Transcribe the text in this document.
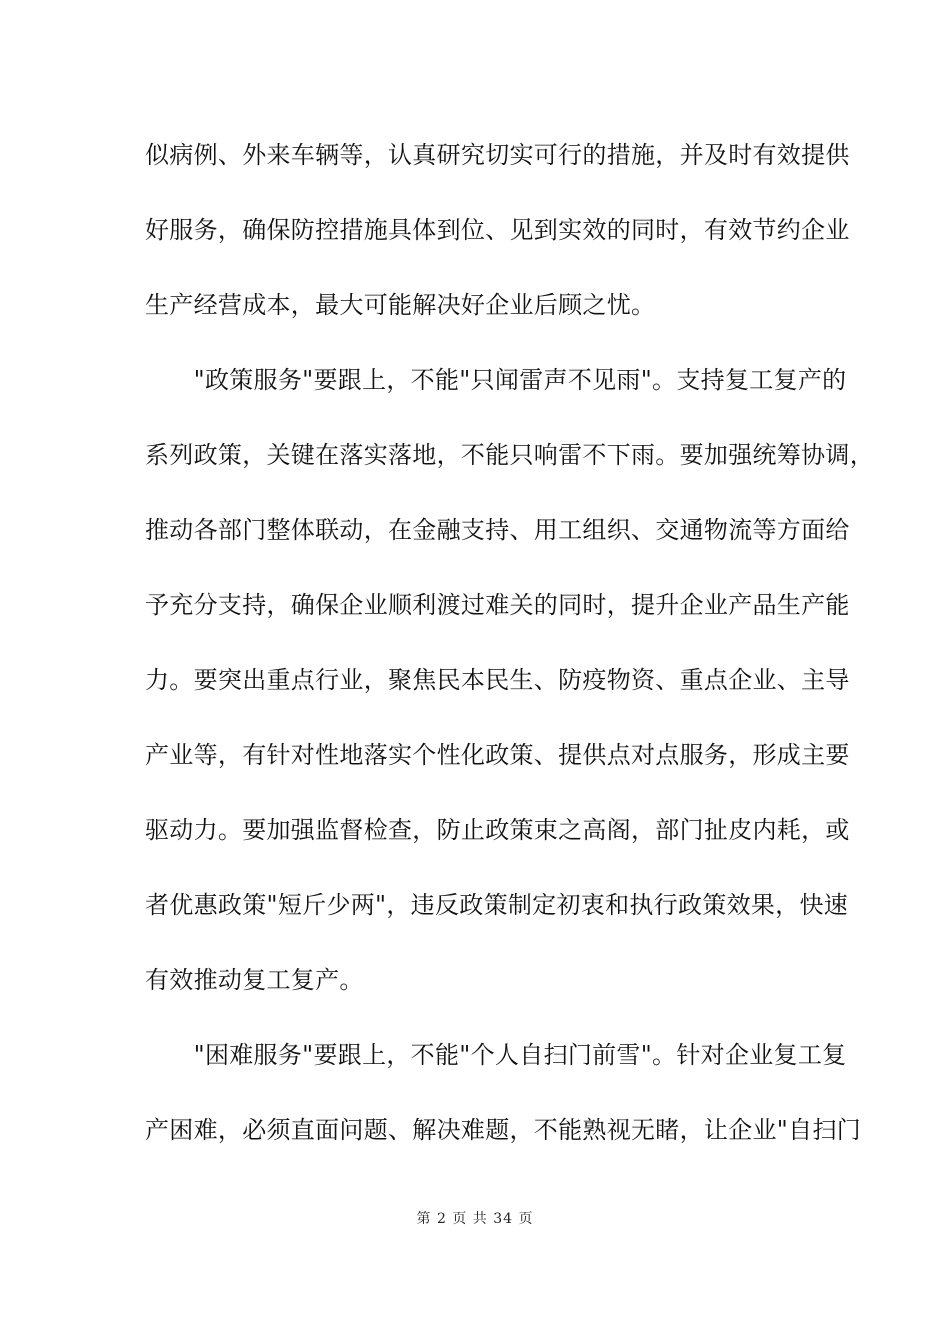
似病例、外来车辆等，认真研究切实可行的措施，并及时有效提供
好服务，确保防控措施具体到位、见到实效的同时，有效节约企业
生产经营成本，最大可能解决好企业后顾之忧。
　　"政策服务"要跟上，不能"只闻雷声不见雨"。支持复工复产的
系列政策，关键在落实落地，不能只响雷不下雨。要加强统筹协调，
推动各部门整体联动，在金融支持、用工组织、交通物流等方面给
予充分支持，确保企业顺利渡过难关的同时，提升企业产品生产能
力。要突出重点行业，聚焦民本民生、防疫物资、重点企业、主导
产业等，有针对性地落实个性化政策、提供点对点服务，形成主要
驱动力。要加强监督检查，防止政策束之高阁，部门扯皮内耗，或
者优惠政策"短斤少两"，违反政策制定初衷和执行政策效果，快速
有效推动复工复产。
　　"困难服务"要跟上，不能"个人自扫门前雪"。针对企业复工复
产困难，必须直面问题、解决难题，不能熟视无睹，让企业"自扫门
第 2 页 共 34 页
